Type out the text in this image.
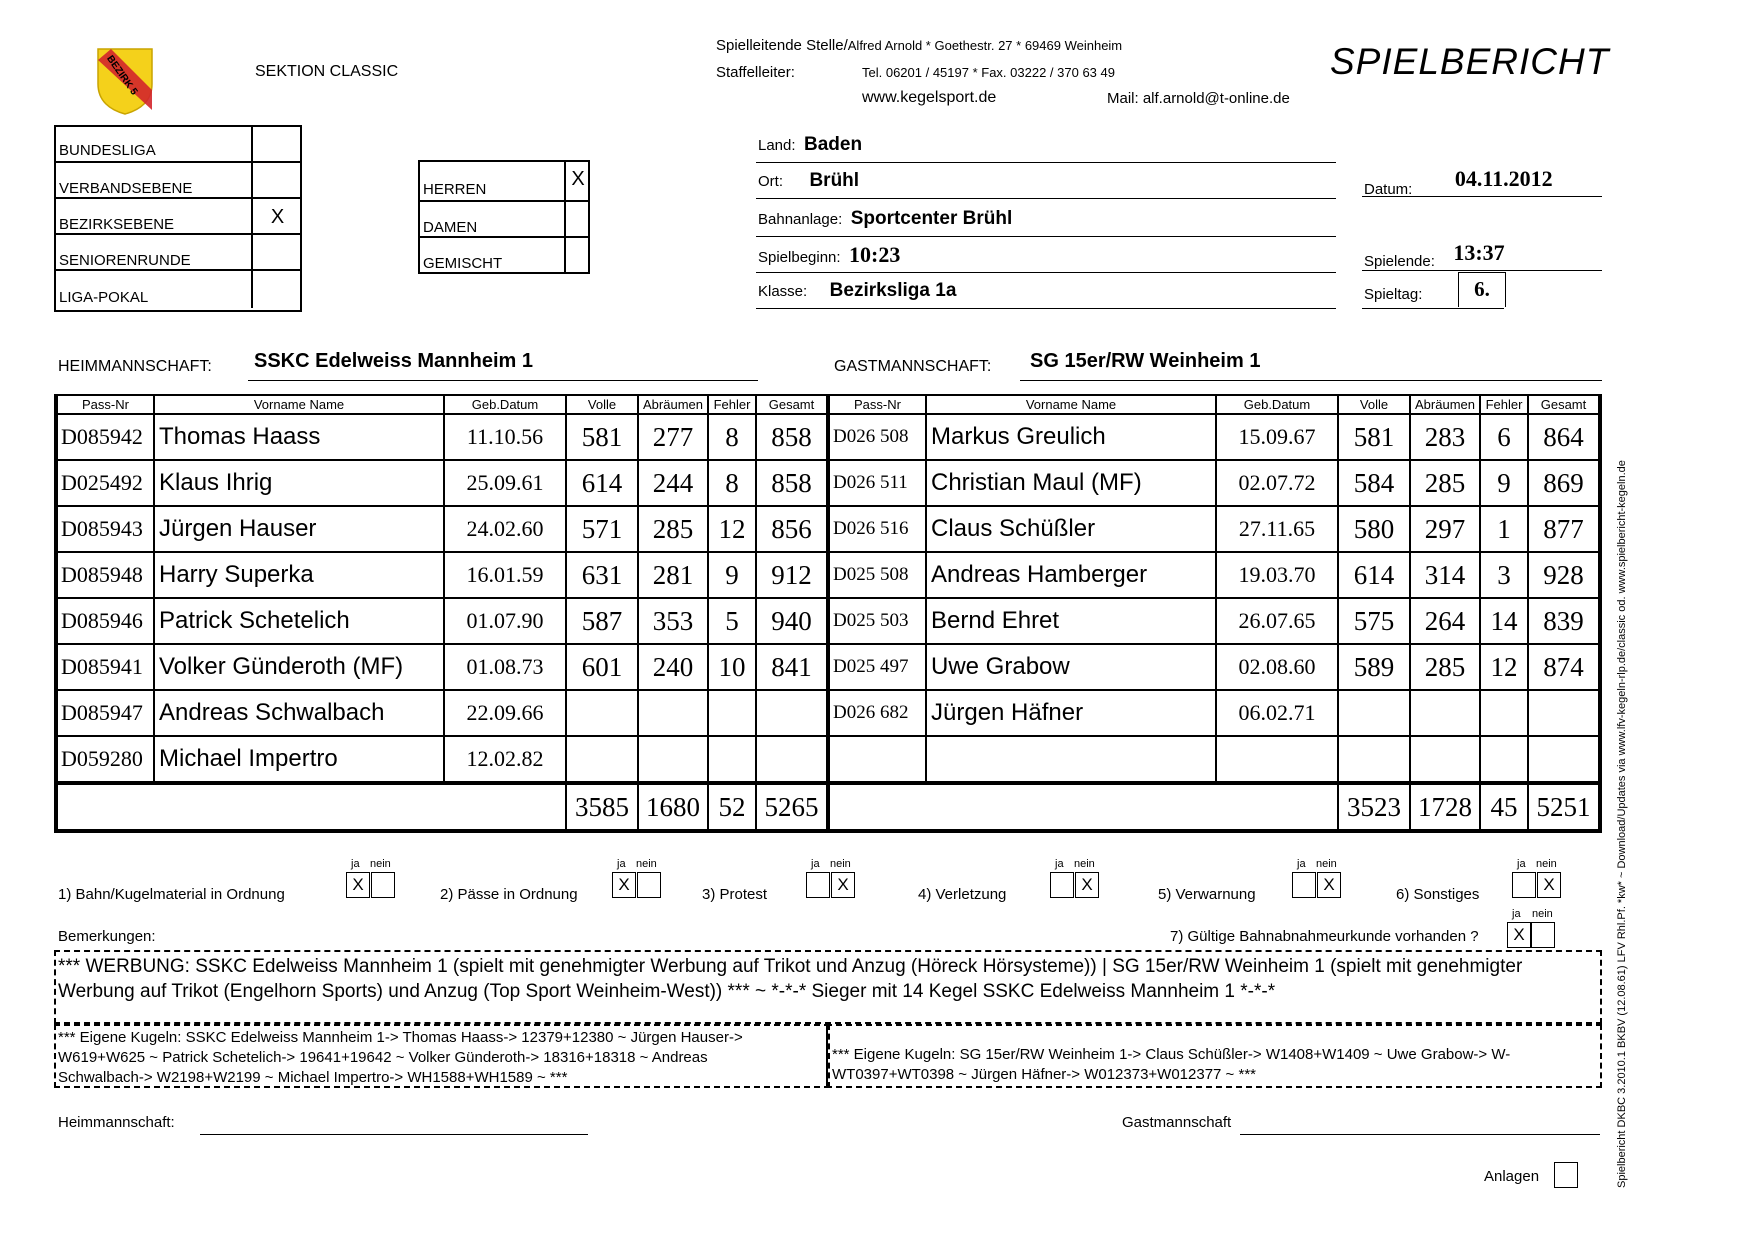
BEZIRK 5	SEKTION CLASSIC
Spielleitende Stelle/Alfred Arnold * Goethestr. 27 * 69469 Weinheim
Staffelleiter:	Tel. 06201 / 45197 * Fax. 03222 / 370 63 49
www.kegelsport.de	Mail: alf.arnold@t-online.de
SPIELBERICHT
BUNDESLIGA
VERBANDSEBENE
BEZIRKSEBENE	X
SENIORENRUNDE
LIGA-POKAL
HERREN	X
DAMEN
GEMISCHT
Land: Baden
Ort: Brühl
Bahnanlage: Sportcenter Brühl
Spielbeginn: 10:23
Klasse: Bezirksliga 1a
Datum: 04.11.2012
Spielende: 13:37
Spieltag:	6.
HEIMMANNSCHAFT:	SSKC Edelweiss Mannheim 1	GASTMANNSCHAFT:	SG 15er/RW Weinheim 1
Pass-Nr	Vorname Name	Geb.Datum	Volle	Abräumen	Fehler	Gesamt	Pass-Nr	Vorname Name	Geb.Datum	Volle	Abräumen	Fehler	Gesamt
D085942	Thomas Haass	11.10.56	581	277	8	858	D026 508	Markus Greulich	15.09.67	581	283	6	864
D025492	Klaus Ihrig	25.09.61	614	244	8	858	D026 511	Christian Maul (MF)	02.07.72	584	285	9	869
D085943	Jürgen Hauser	24.02.60	571	285	12	856	D026 516	Claus Schüßler	27.11.65	580	297	1	877
D085948	Harry Superka	16.01.59	631	281	9	912	D025 508	Andreas Hamberger	19.03.70	614	314	3	928
D085946	Patrick Schetelich	01.07.90	587	353	5	940	D025 503	Bernd Ehret	26.07.65	575	264	14	839
D085941	Volker Günderoth (MF)	01.08.73	601	240	10	841	D025 497	Uwe Grabow	02.08.60	589	285	12	874
D085947	Andreas Schwalbach	22.09.66					D026 682	Jürgen Häfner	06.02.71				
D059280	Michael Impertro	12.02.82											
			3585	1680	52	5265				3523	1728	45	5251
1) Bahn/Kugelmaterial in Ordnung
ja
X
nein
2) Pässe in Ordnung
ja
X
nein
3) Protest
ja nein
X
4) Verletzung
ja nein
X
5) Verwarnung
ja nein
X
6) Sonstiges
ja nein
X
Bemerkungen:	7) Gültige Bahnabnahmeurkunde vorhanden ?
ja nein
X
*** WERBUNG: SSKC Edelweiss Mannheim 1 (spielt mit genehmigter Werbung auf Trikot und Anzug (Höreck Hörsysteme)) | SG 15er/RW Weinheim 1 (spielt mit genehmigter
Werbung auf Trikot (Engelhorn Sports) und Anzug (Top Sport Weinheim-West)) *** ~ *-*-* Sieger mit 14 Kegel SSKC Edelweiss Mannheim 1 *-*-*
*** Eigene Kugeln: SSKC Edelweiss Mannheim 1-> Thomas Haass-> 12379+12380 ~ Jürgen Hauser->
W619+W625 ~ Patrick Schetelich-> 19641+19642 ~ Volker Günderoth-> 18316+18318 ~ Andreas
Schwalbach-> W2198+W2199 ~ Michael Impertro-> WH1588+WH1589 ~ ***
*** Eigene Kugeln: SG 15er/RW Weinheim 1-> Claus Schüßler-> W1408+W1409 ~ Uwe Grabow-> W-
WT0397+WT0398 ~ Jürgen Häfner-> W012373+W012377 ~ ***
Heimmannschaft:	Gastmannschaft
Anlagen	Spielbericht DKBC 3.2010.1 BKBV (12.08.61) LFV Rhl.Pf. *kw* ~ Download/Updates via www.lfv-kegeln-rlp.de/classic od. www.spielbericht-kegeln.de
